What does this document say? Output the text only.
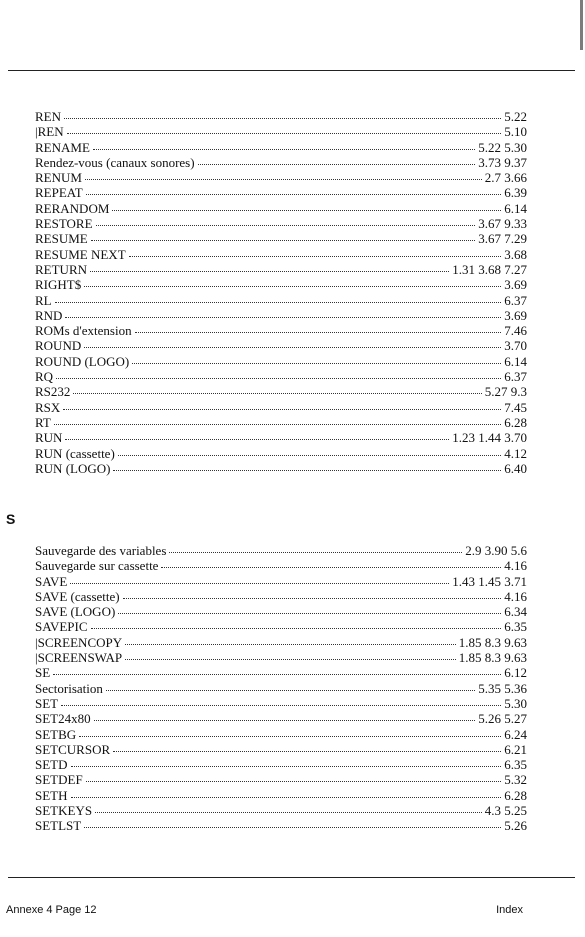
REN	5.22
|REN	5.10
RENAME	5.22 5.30
Rendez-vous (canaux sonores)	3.73 9.37
RENUM	2.7 3.66
REPEAT	6.39
RERANDOM	6.14
RESTORE	3.67 9.33
RESUME	3.67 7.29
RESUME NEXT	3.68
RETURN	1.31 3.68 7.27
RIGHT$	3.69
RL	6.37
RND	3.69
ROMs d'extension	7.46
ROUND	3.70
ROUND (LOGO)	6.14
RQ	6.37
RS232	5.27 9.3
RSX	7.45
RT	6.28
RUN	1.23 1.44 3.70
RUN (cassette)	4.12
RUN (LOGO)	6.40
S
Sauvegarde des variables	2.9 3.90 5.6
Sauvegarde sur cassette	4.16
SAVE	1.43 1.45 3.71
SAVE (cassette)	4.16
SAVE (LOGO)	6.34
SAVEPIC	6.35
|SCREENCOPY	1.85 8.3 9.63
|SCREENSWAP	1.85 8.3 9.63
SE	6.12
Sectorisation	5.35 5.36
SET	5.30
SET24x80	5.26 5.27
SETBG	6.24
SETCURSOR	6.21
SETD	6.35
SETDEF	5.32
SETH	6.28
SETKEYS	4.3 5.25
SETLST	5.26
Annexe 4 Page 12	Index
